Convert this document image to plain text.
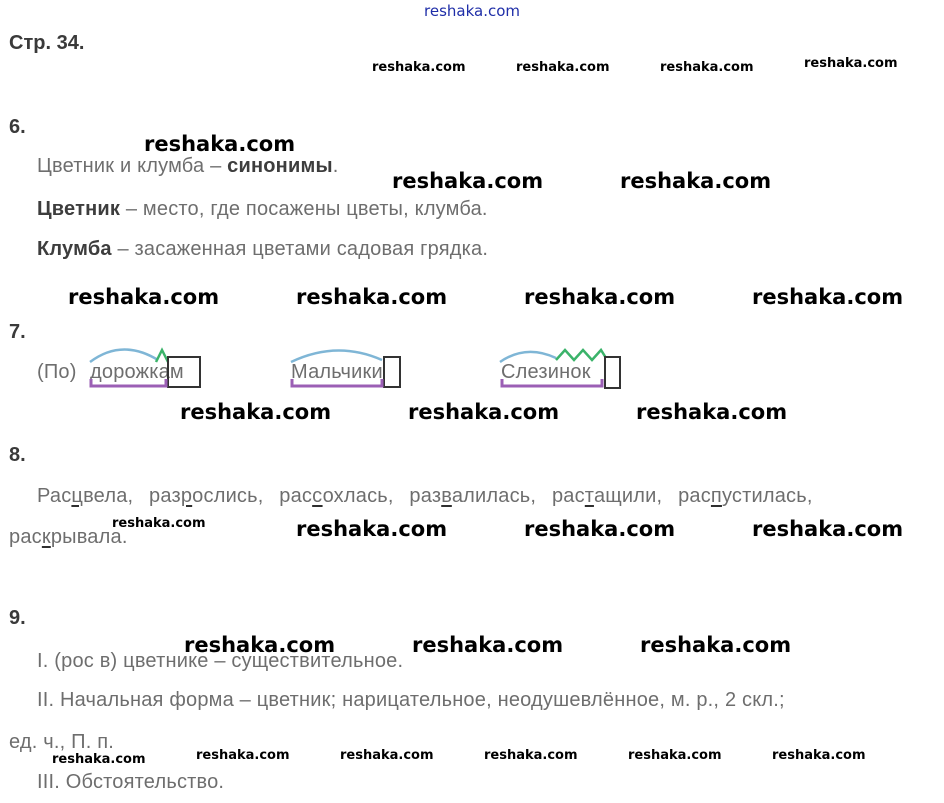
reshaka.com
Стр. 34.
6.
Цветник и клумба – синонимы.
Цветник – место, где посажены цветы, клумба.
Клумба – засаженная цветами садовая грядка.
7.
(По) дорожкам	Мальчики	Слезинок
8.
Расцвела, разрослись, рассохлась, развалилась, растащили, распустилась,
раскрывала.
9.
I. (рос в) цветнике – существительное.
II. Начальная форма – цветник; нарицательное, неодушевлённое, м. р., 2 скл.;
ед. ч., П. п.
III. Обстоятельство.
reshaka.com	reshaka.com	reshaka.com	reshaka.com
reshaka.com
reshaka.com	reshaka.com
reshaka.com	reshaka.com	reshaka.com	reshaka.com
reshaka.com	reshaka.com	reshaka.com
reshaka.com	reshaka.com	reshaka.com	reshaka.com
reshaka.com	reshaka.com	reshaka.com
reshaka.com	reshaka.com	reshaka.com	reshaka.com	reshaka.com	reshaka.com
